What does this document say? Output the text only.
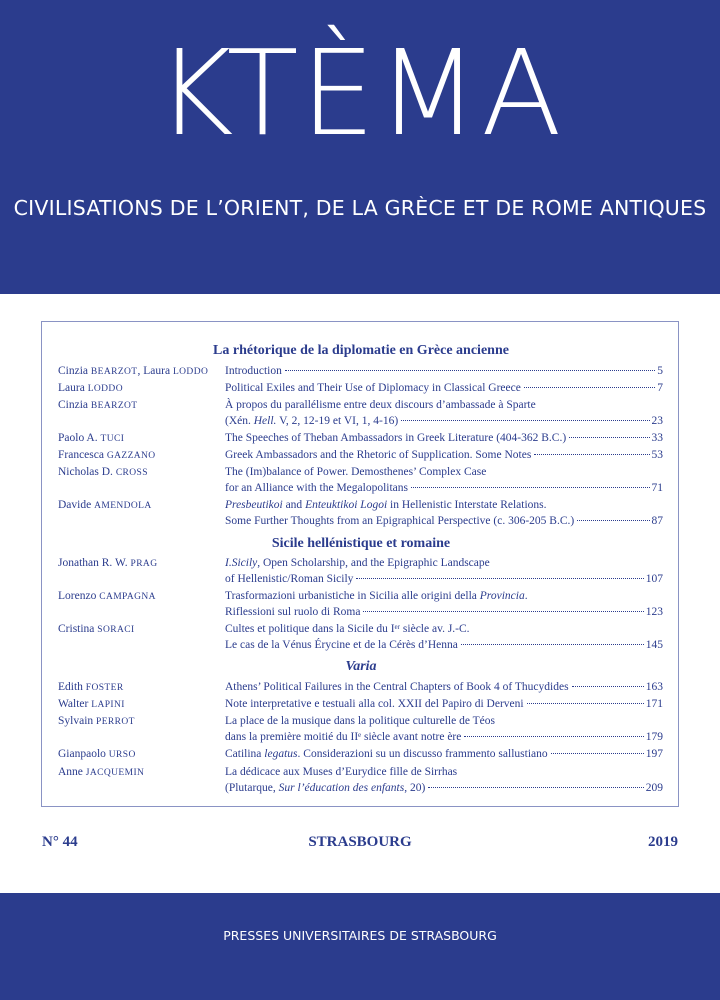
KTÈMA
CIVILISATIONS DE L’ORIENT, DE LA GRÈCE ET DE ROME ANTIQUES
La rhétorique de la diplomatie en Grèce ancienne
Cinzia BEARZOT, Laura LODDO	Introduction	5
Laura LODDO	Political Exiles and Their Use of Diplomacy in Classical Greece	7
Cinzia BEARZOT	À propos du parallélisme entre deux discours d’ambassade à Sparte
(Xén. Hell. V, 2, 12-19 et VI, 1, 4-16)	23
Paolo A. TUCI	The Speeches of Theban Ambassadors in Greek Literature (404-362 B.C.)	33
Francesca GAZZANO	Greek Ambassadors and the Rhetoric of Supplication. Some Notes	53
Nicholas D. CROSS	The (Im)balance of Power. Demosthenes’ Complex Case
for an Alliance with the Megalopolitans	71
Davide AMENDOLA	Presbeutikoi and Enteuktikoi Logoi in Hellenistic Interstate Relations.
Some Further Thoughts from an Epigraphical Perspective (c. 306-205 B.C.)	87
Sicile hellénistique et romaine
Jonathan R. W. PRAG	I.Sicily, Open Scholarship, and the Epigraphic Landscape
of Hellenistic/Roman Sicily	107
Lorenzo CAMPAGNA	Trasformazioni urbanistiche in Sicilia alle origini della Provincia.
Riflessioni sul ruolo di Roma	123
Cristina SORACI	Cultes et politique dans la Sicile du Iᵉʳ siècle av. J.-C.
Le cas de la Vénus Érycine et de la Cérès d’Henna	145
Varia
Edith FOSTER	Athens’ Political Failures in the Central Chapters of Book 4 of Thucydides	163
Walter LAPINI	Note interpretative e testuali alla col. XXII del Papiro di Derveni	171
Sylvain PERROT	La place de la musique dans la politique culturelle de Téos
dans la première moitié du IIᵉ siècle avant notre ère	179
Gianpaolo URSO	Catilina legatus. Considerazioni su un discusso frammento sallustiano	197
Anne JACQUEMIN	La dédicace aux Muses d’Eurydice fille de Sirrhas
(Plutarque, Sur l’éducation des enfants, 20)	209
N° 44	STRASBOURG	2019
PRESSES UNIVERSITAIRES DE STRASBOURG
